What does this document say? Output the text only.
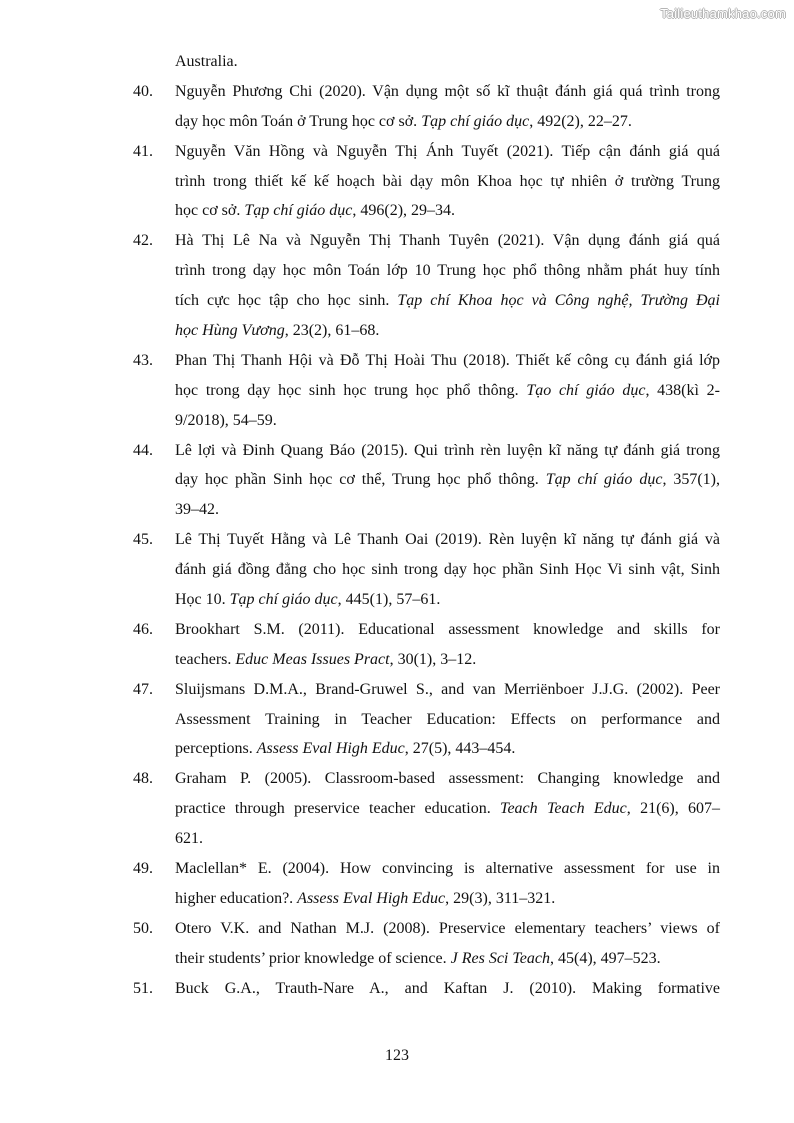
Tailieuthamkhao.com
Australia.
40. Nguyễn Phương Chi (2020). Vận dụng một số kĩ thuật đánh giá quá trình trong
dạy học môn Toán ở Trung học cơ sở. Tạp chí giáo dục, 492(2), 22–27.
41. Nguyễn Văn Hồng và Nguyễn Thị Ánh Tuyết (2021). Tiếp cận đánh giá quá
trình trong thiết kế kế hoạch bài dạy môn Khoa học tự nhiên ở trường Trung
học cơ sở. Tạp chí giáo dục, 496(2), 29–34.
42. Hà Thị Lê Na và Nguyễn Thị Thanh Tuyên (2021). Vận dụng đánh giá quá
trình trong dạy học môn Toán lớp 10 Trung học phổ thông nhằm phát huy tính
tích cực học tập cho học sinh. Tạp chí Khoa học và Công nghệ, Trường Đại
học Hùng Vương, 23(2), 61–68.
43. Phan Thị Thanh Hội và Đỗ Thị Hoài Thu (2018). Thiết kế công cụ đánh giá lớp
học trong dạy học sinh học trung học phổ thông. Tạo chí giáo dục, 438(kì 2-
9/2018), 54–59.
44. Lê lợi và Đinh Quang Báo (2015). Qui trình rèn luyện kĩ năng tự đánh giá trong
dạy học phần Sinh học cơ thể, Trung học phổ thông. Tạp chí giáo dục, 357(1),
39–42.
45. Lê Thị Tuyết Hằng và Lê Thanh Oai (2019). Rèn luyện kĩ năng tự đánh giá và
đánh giá đồng đẳng cho học sinh trong dạy học phần Sinh Học Vi sinh vật, Sinh
Học 10. Tạp chí giáo dục, 445(1), 57–61.
46. Brookhart S.M. (2011). Educational assessment knowledge and skills for
teachers. Educ Meas Issues Pract, 30(1), 3–12.
47. Sluijsmans D.M.A., Brand-Gruwel S., and van Merriënboer J.J.G. (2002). Peer
Assessment Training in Teacher Education: Effects on performance and
perceptions. Assess Eval High Educ, 27(5), 443–454.
48. Graham P. (2005). Classroom-based assessment: Changing knowledge and
practice through preservice teacher education. Teach Teach Educ, 21(6), 607–
621.
49. Maclellan* E. (2004). How convincing is alternative assessment for use in
higher education?. Assess Eval High Educ, 29(3), 311–321.
50. Otero V.K. and Nathan M.J. (2008). Preservice elementary teachers’ views of
their students’ prior knowledge of science. J Res Sci Teach, 45(4), 497–523.
51. Buck G.A., Trauth-Nare A., and Kaftan J. (2010). Making formative
123
